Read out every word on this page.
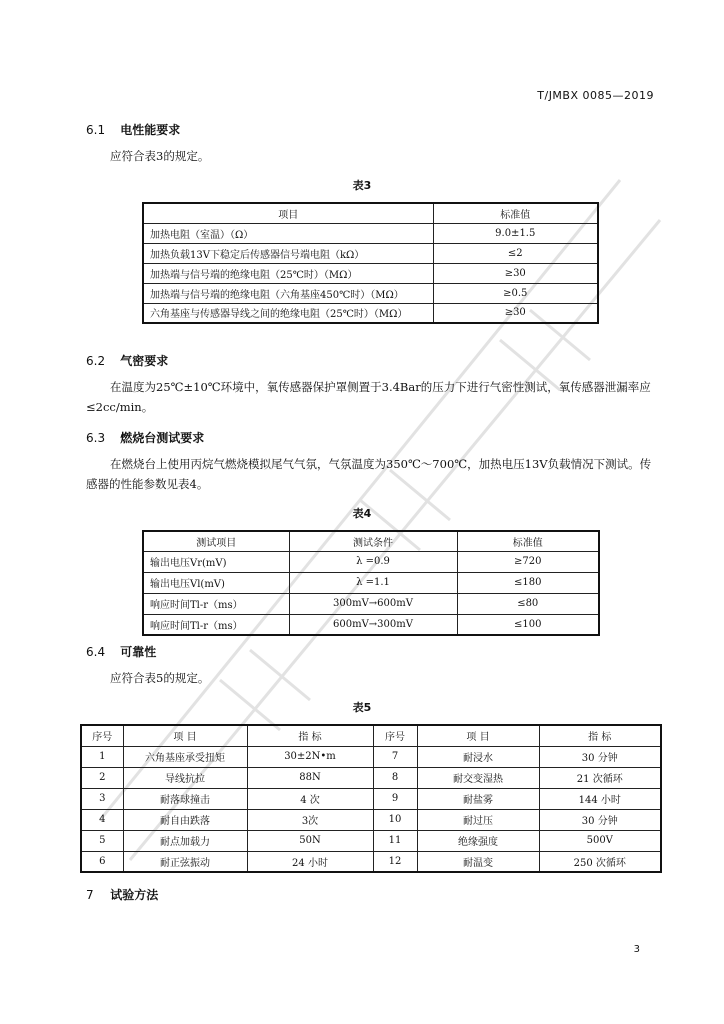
T/JMBX 0085—2019
6.1 电性能要求
应符合表3的规定。
表3
项目	标准值
加热电阻（室温）（Ω）	9.0±1.5
加热负载13V下稳定后传感器信号端电阻（kΩ）	≤2
加热端与信号端的绝缘电阻（25℃时）（MΩ）	≥30
加热端与信号端的绝缘电阻（六角基座450℃时）（MΩ）	≥0.5
六角基座与传感器导线之间的绝缘电阻（25℃时）（MΩ）	≥30
6.2 气密要求
在温度为25℃±10℃环境中，氧传感器保护罩侧置于3.4Bar的压力下进行气密性测试，氧传感器泄漏率应≤2cc/min。
6.3 燃烧台测试要求
在燃烧台上使用丙烷气燃烧模拟尾气气氛，气氛温度为350℃～700℃，加热电压13V负载情况下测试。传感器的性能参数见表4。
表4
测试项目	测试条件	标准值
输出电压Vr(mV)	λ =0.9	≥720
输出电压Vl(mV)	λ =1.1	≤180
响应时间Tl-r（ms）	300mV→600mV	≤80
响应时间Tl-r（ms）	600mV→300mV	≤100
6.4 可靠性
应符合表5的规定。
表5
序号	项 目	指 标	序号	项 目	指 标
1	六角基座承受扭矩	30±2N•m	7	耐浸水	30 分钟
2	导线抗拉	88N	8	耐交变湿热	21 次循环
3	耐落球撞击	4 次	9	耐盐雾	144 小时
4	耐自由跌落	3次	10	耐过压	30 分钟
5	耐点加载力	50N	11	绝缘强度	500V
6	耐正弦振动	24 小时	12	耐温变	250 次循环
7 试验方法
3
